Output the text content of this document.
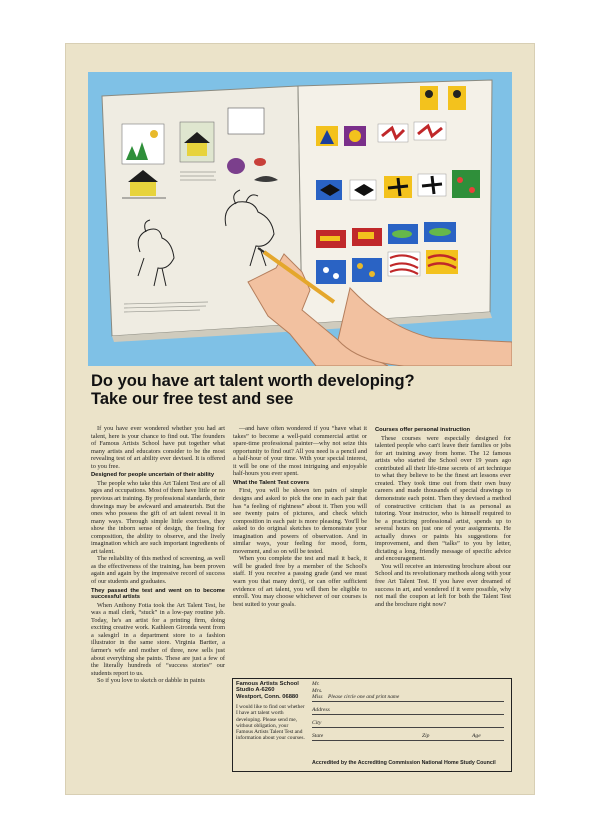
Do you have art talent worth developing?
Take our free test and see

If you have ever wondered whether you had art talent, here is your chance to find out. The founders of Famous Artists School have put together what many artists and educators consider to be the most revealing test of art ability ever devised. It is offered to you free.

Designed for people uncertain of their ability

The people who take this Art Talent Test are of all ages and occupations. Most of them have little or no previous art training. By professional standards, their drawings may be awkward and amateurish. But the ones who possess the gift of art talent reveal it in many ways. Through simple little exercises, they show the inborn sense of design, the feeling for composition, the ability to observe, and the lively imagination which are such important ingredients of art talent.

The reliability of this method of screening, as well as the effectiveness of the training, has been proven again and again by the impressive record of success of our students and graduates.

They passed the test and went on to become successful artists

When Anthony Fotia took the Art Talent Test, he was a mail clerk, “stuck” in a low-pay routine job. Today, he's an artist for a printing firm, doing exciting creative work. Kathleen Gironda went from a salesgirl in a department store to a fashion illustrator in the same store. Virginia Bartter, a farmer's wife and mother of three, now sells just about everything she paints. These are just a few of the literally hundreds of “success stories” our students report to us.

So if you love to sketch or dabble in paints

—and have often wondered if you “have what it takes” to become a well-paid commercial artist or spare-time professional painter—why not seize this opportunity to find out? All you need is a pencil and a half-hour of your time. With your special interest, it will be one of the most intriguing and enjoyable half-hours you ever spent.

What the Talent Test covers

First, you will be shown ten pairs of simple designs and asked to pick the one in each pair that has “a feeling of rightness” about it. Then you will see twenty pairs of pictures, and check which composition in each pair is more pleasing. You'll be asked to do original sketches to demonstrate your imagination and powers of observation. And in similar ways, your feeling for mood, form, movement, and so on will be tested.

When you complete the test and mail it back, it will be graded free by a member of the School's staff. If you receive a passing grade (and we must warn you that many don't), or can offer sufficient evidence of art talent, you will then be eligible to enroll. You may choose whichever of our courses is best suited to your goals.

Courses offer personal instruction

These courses were especially designed for talented people who can't leave their families or jobs for art training away from home. The 12 famous artists who started the School over 19 years ago contributed all their life-time secrets of art technique to what they believe to be the finest art lessons ever created. They took time out from their own busy careers and made thousands of special drawings to demonstrate each point. Then they devised a method of constructive criticism that is as personal as tutoring. Your instructor, who is himself required to be a practicing professional artist, spends up to several hours on just one of your assignments. He actually draws or paints his suggestions for improvement, and then “talks” to you by letter, dictating a long, friendly message of specific advice and encouragement.

You will receive an interesting brochure about our School and its revolutionary methods along with your free Art Talent Test. If you have ever dreamed of success in art, and wondered if it were possible, why not mail the coupon at left for both the Talent Test and the brochure right now?

Famous Artists School
Studio A-6260
Westport, Conn. 06880
I would like to find out whether I have art talent worth developing. Please send me, without obligation, your Famous Artists Talent Test and information about your courses.
Mr. Mrs. Miss	Please circle one and print name
Address
City
State	Zip	Age
Accredited by the Accrediting Commission National Home Study Council
